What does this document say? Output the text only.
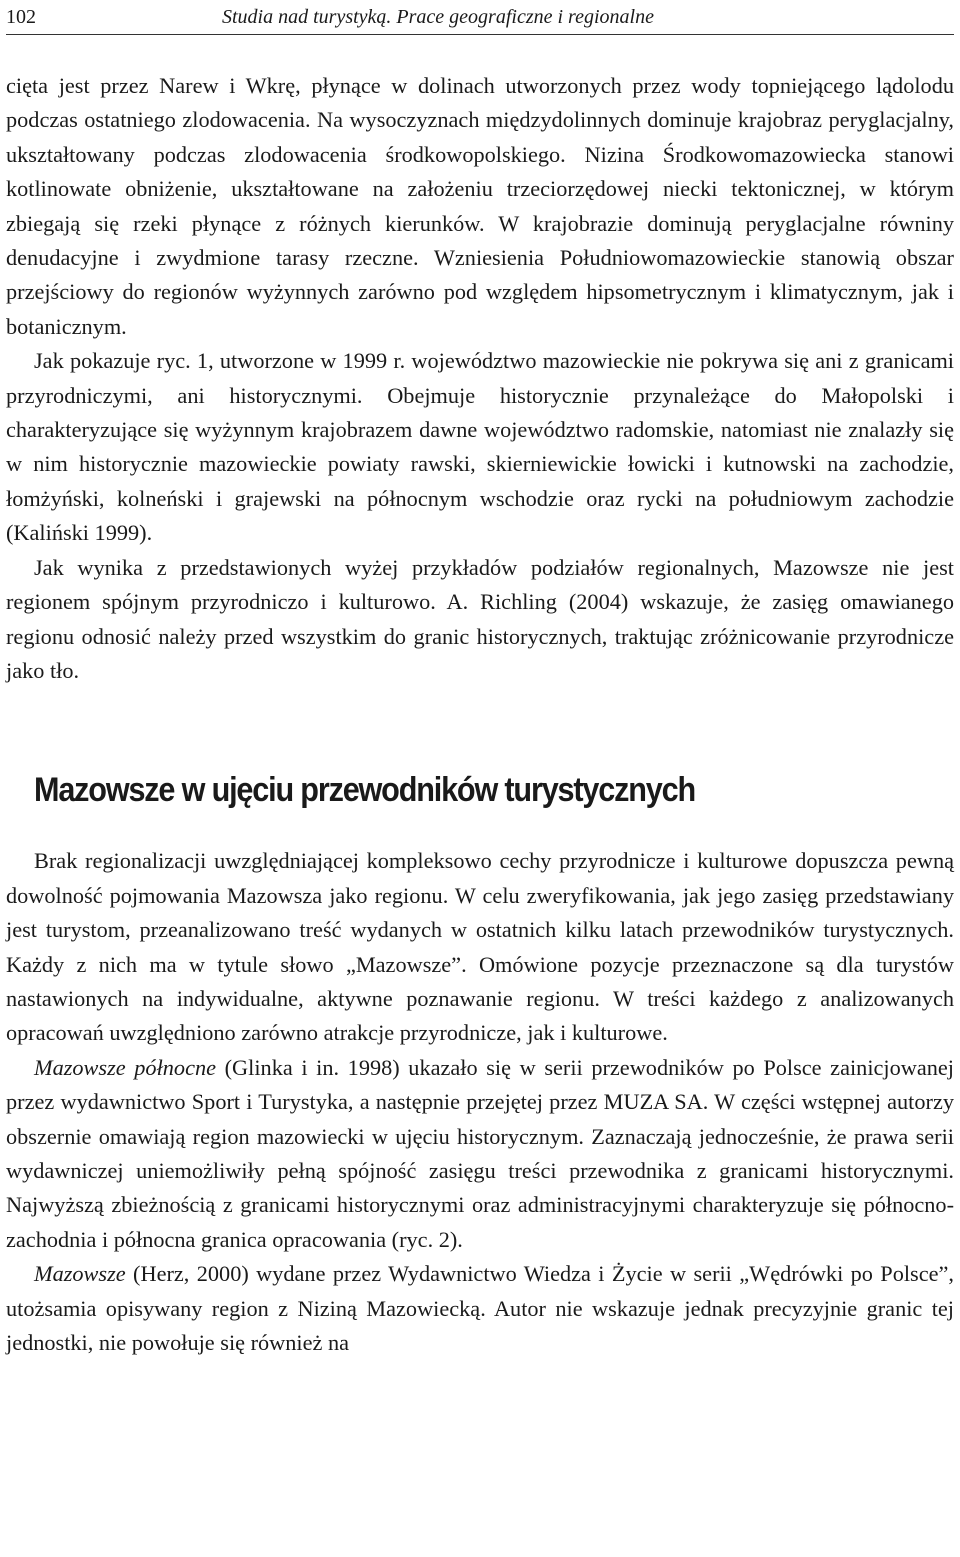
102	Studia nad turystyką. Prace geograficzne i regionalne

cięta jest przez Narew i Wkrę, płynące w dolinach utworzonych przez wody topniejącego lądolodu podczas ostatniego zlodowacenia. Na wysoczyznach międzydolinnych dominuje krajobraz peryglacjalny, ukształtowany podczas zlodowacenia środkowopolskiego. Nizina Środkowomazowiecka stanowi kotlinowate obniżenie, ukształtowane na założeniu trzeciorzędowej niecki tektonicznej, w którym zbiegają się rzeki płynące z różnych kierunków. W krajobrazie dominują peryglacjalne równiny denudacyjne i zwydmione tarasy rzeczne. Wzniesienia Południowomazowieckie stanowią obszar przejściowy do regionów wyżynnych zarówno pod względem hipsometrycznym i klimatycznym, jak i botanicznym.

Jak pokazuje ryc. 1, utworzone w 1999 r. województwo mazowieckie nie pokrywa się ani z granicami przyrodniczymi, ani historycznymi. Obejmuje historycznie przynależące do Małopolski i charakteryzujące się wyżynnym krajobrazem dawne województwo radomskie, natomiast nie znalazły się w nim historycznie mazowieckie powiaty rawski, skierniewickie łowicki i kutnowski na zachodzie, łomżyński, kolneński i grajewski na północnym wschodzie oraz rycki na południowym zachodzie (Kaliński 1999).

Jak wynika z przedstawionych wyżej przykładów podziałów regionalnych, Mazowsze nie jest regionem spójnym przyrodniczo i kulturowo. A. Richling (2004) wskazuje, że zasięg omawianego regionu odnosić należy przed wszystkim do granic historycznych, traktując zróżnicowanie przyrodnicze jako tło.

Mazowsze w ujęciu przewodników turystycznych

Brak regionalizacji uwzględniającej kompleksowo cechy przyrodnicze i kulturowe dopuszcza pewną dowolność pojmowania Mazowsza jako regionu. W celu zweryfikowania, jak jego zasięg przedstawiany jest turystom, przeanalizowano treść wydanych w ostatnich kilku latach przewodników turystycznych. Każdy z nich ma w tytule słowo „Mazowsze”. Omówione pozycje przeznaczone są dla turystów nastawionych na indywidualne, aktywne poznawanie regionu. W treści każdego z analizowanych opracowań uwzględniono zarówno atrakcje przyrodnicze, jak i kulturowe.

Mazowsze północne (Glinka i in. 1998) ukazało się w serii przewodników po Polsce zainicjowanej przez wydawnictwo Sport i Turystyka, a następnie przejętej przez MUZA SA. W części wstępnej autorzy obszernie omawiają region mazowiecki w ujęciu historycznym. Zaznaczają jednocześnie, że prawa serii wydawniczej uniemożliwiły pełną spójność zasięgu treści przewodnika z granicami historycznymi. Najwyższą zbieżnością z granicami historycznymi oraz administracyjnymi charakteryzuje się północno-zachodnia i północna granica opracowania (ryc. 2).

Mazowsze (Herz, 2000) wydane przez Wydawnictwo Wiedza i Życie w serii „Wędrówki po Polsce”, utożsamia opisywany region z Niziną Mazowiecką. Autor nie wskazuje jednak precyzyjnie granic tej jednostki, nie powołuje się również na
